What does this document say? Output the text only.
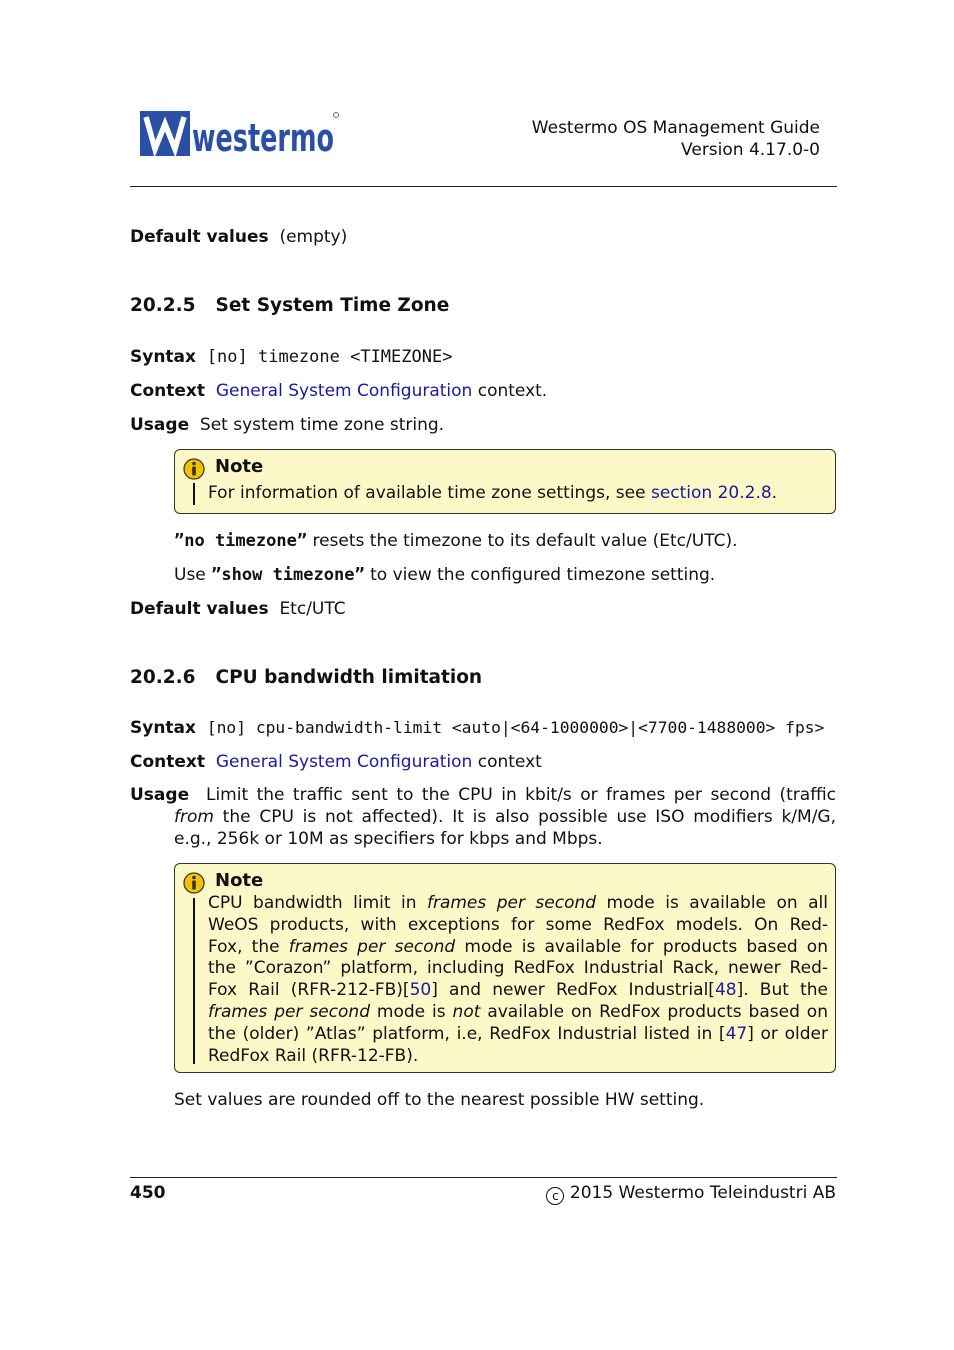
westermo	Westermo OS Management Guide
Version 4.17.0-0
Default values (empty)
20.2.5 Set System Time Zone
Syntax [no] timezone <TIMEZONE>
Context General System Configuration context.
Usage Set system time zone string.
Note
For information of available time zone settings, see section 20.2.8.
”no timezone” resets the timezone to its default value (Etc/UTC).
Use ”show timezone” to view the configured timezone setting.
Default values Etc/UTC
20.2.6 CPU bandwidth limitation
Syntax [no] cpu-bandwidth-limit <auto|<64-1000000>|<7700-1488000> fps>
Context General System Configuration context
Usage Limit the traffic sent to the CPU in kbit/s or frames per second (traffic
from the CPU is not affected). It is also possible use ISO modifiers k/M/G,
e.g., 256k or 10M as specifiers for kbps and Mbps.
Note
CPU bandwidth limit in frames per second mode is available on all
WeOS products, with exceptions for some RedFox models. On Red-
Fox, the frames per second mode is available for products based on
the ”Corazon” platform, including RedFox Industrial Rack, newer Red-
Fox Rail (RFR-212-FB)[50] and newer RedFox Industrial[48]. But the
frames per second mode is not available on RedFox products based on
the (older) ”Atlas” platform, i.e, RedFox Industrial listed in [47] or older
RedFox Rail (RFR-12-FB).
Set values are rounded off to the nearest possible HW setting.
450	c 2015 Westermo Teleindustri AB
